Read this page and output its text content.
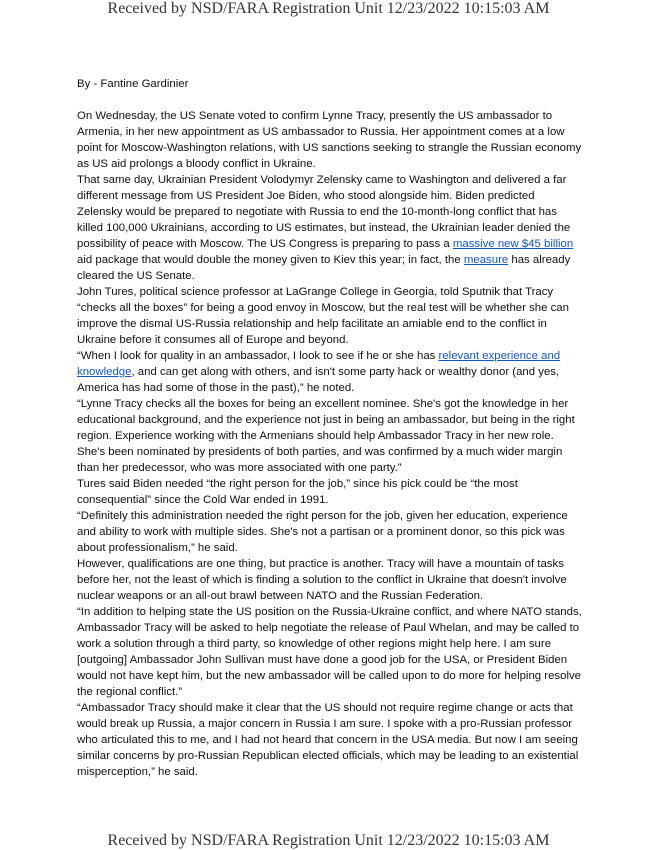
Received by NSD/FARA Registration Unit 12/23/2022 10:15:03 AM

By - Fantine Gardinier

On Wednesday, the US Senate voted to confirm Lynne Tracy, presently the US ambassador to Armenia, in her new appointment as US ambassador to Russia. Her appointment comes at a low point for Moscow-Washington relations, with US sanctions seeking to strangle the Russian economy as US aid prolongs a bloody conflict in Ukraine.

That same day, Ukrainian President Volodymyr Zelensky came to Washington and delivered a far different message from US President Joe Biden, who stood alongside him. Biden predicted Zelensky would be prepared to negotiate with Russia to end the 10-month-long conflict that has killed 100,000 Ukrainians, according to US estimates, but instead, the Ukrainian leader denied the possibility of peace with Moscow. The US Congress is preparing to pass a massive new $45 billion aid package that would double the money given to Kiev this year; in fact, the measure has already cleared the US Senate.

John Tures, political science professor at LaGrange College in Georgia, told Sputnik that Tracy “checks all the boxes” for being a good envoy in Moscow, but the real test will be whether she can improve the dismal US-Russia relationship and help facilitate an amiable end to the conflict in Ukraine before it consumes all of Europe and beyond.

“When I look for quality in an ambassador, I look to see if he or she has relevant experience and knowledge, and can get along with others, and isn't some party hack or wealthy donor (and yes, America has had some of those in the past),” he noted.

“Lynne Tracy checks all the boxes for being an excellent nominee. She's got the knowledge in her educational background, and the experience not just in being an ambassador, but being in the right region. Experience working with the Armenians should help Ambassador Tracy in her new role. She's been nominated by presidents of both parties, and was confirmed by a much wider margin than her predecessor, who was more associated with one party.”

Tures said Biden needed “the right person for the job,” since his pick could be “the most consequential” since the Cold War ended in 1991.

“Definitely this administration needed the right person for the job, given her education, experience and ability to work with multiple sides. She's not a partisan or a prominent donor, so this pick was about professionalism,” he said.

However, qualifications are one thing, but practice is another. Tracy will have a mountain of tasks before her, not the least of which is finding a solution to the conflict in Ukraine that doesn't involve nuclear weapons or an all-out brawl between NATO and the Russian Federation.

“In addition to helping state the US position on the Russia-Ukraine conflict, and where NATO stands, Ambassador Tracy will be asked to help negotiate the release of Paul Whelan, and may be called to work a solution through a third party, so knowledge of other regions might help here. I am sure [outgoing] Ambassador John Sullivan must have done a good job for the USA, or President Biden would not have kept him, but the new ambassador will be called upon to do more for helping resolve the regional conflict.”

“Ambassador Tracy should make it clear that the US should not require regime change or acts that would break up Russia, a major concern in Russia I am sure. I spoke with a pro-Russian professor who articulated this to me, and I had not heard that concern in the USA media. But now I am seeing similar concerns by pro-Russian Republican elected officials, which may be leading to an existential misperception,” he said.

Received by NSD/FARA Registration Unit 12/23/2022 10:15:03 AM
